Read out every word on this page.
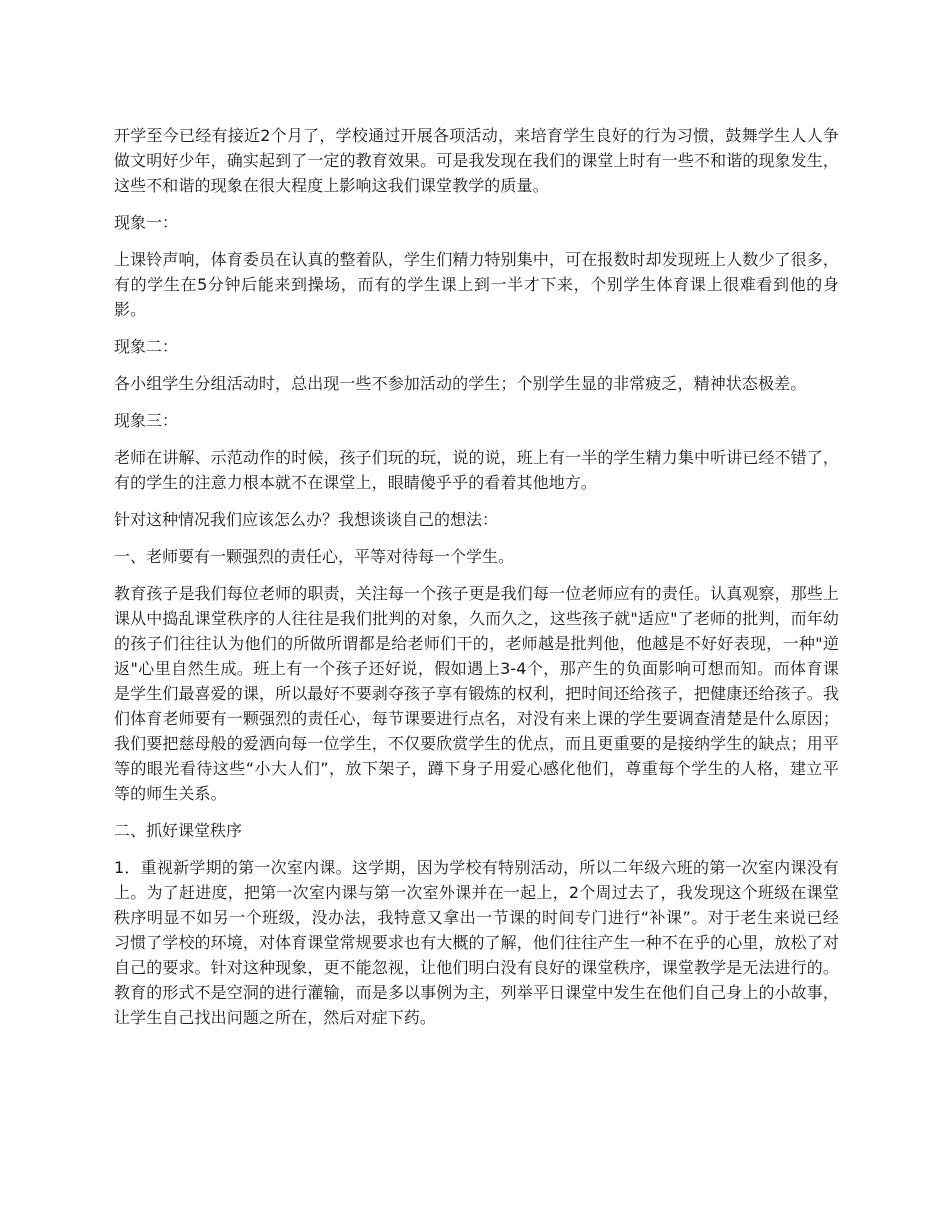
开学至今已经有接近2个月了，学校通过开展各项活动，来培育学生良好的行为习惯，鼓舞学生人人争做文明好少年，确实起到了一定的教育效果。可是我发现在我们的课堂上时有一些不和谐的现象发生，这些不和谐的现象在很大程度上影响这我们课堂教学的质量。

现象一：

上课铃声响，体育委员在认真的整着队，学生们精力特别集中，可在报数时却发现班上人数少了很多，有的学生在5分钟后能来到操场，而有的学生课上到一半才下来，个别学生体育课上很难看到他的身影。

现象二：

各小组学生分组活动时，总出现一些不参加活动的学生；个别学生显的非常疲乏，精神状态极差。

现象三：

老师在讲解、示范动作的时候，孩子们玩的玩，说的说，班上有一半的学生精力集中听讲已经不错了，有的学生的注意力根本就不在课堂上，眼睛傻乎乎的看着其他地方。

针对这种情况我们应该怎么办？我想谈谈自己的想法：

一、老师要有一颗强烈的责任心，平等对待每一个学生。

教育孩子是我们每位老师的职责，关注每一个孩子更是我们每一位老师应有的责任。认真观察，那些上课从中捣乱课堂秩序的人往往是我们批判的对象，久而久之，这些孩子就"适应"了老师的批判，而年幼的孩子们往往认为他们的所做所谓都是给老师们干的，老师越是批判他，他越是不好好表现，一种"逆返"心里自然生成。班上有一个孩子还好说，假如遇上3-4个，那产生的负面影响可想而知。而体育课是学生们最喜爱的课，所以最好不要剥夺孩子享有锻炼的权利，把时间还给孩子，把健康还给孩子。我们体育老师要有一颗强烈的责任心，每节课要进行点名，对没有来上课的学生要调查清楚是什么原因；我们要把慈母般的爱洒向每一位学生，不仅要欣赏学生的优点，而且更重要的是接纳学生的缺点；用平等的眼光看待这些“小大人们”，放下架子，蹲下身子用爱心感化他们，尊重每个学生的人格，建立平等的师生关系。

二、抓好课堂秩序

1．重视新学期的第一次室内课。这学期，因为学校有特别活动，所以二年级六班的第一次室内课没有上。为了赶进度，把第一次室内课与第一次室外课并在一起上，2个周过去了，我发现这个班级在课堂秩序明显不如另一个班级，没办法，我特意又拿出一节课的时间专门进行“补课”。对于老生来说已经习惯了学校的环境，对体育课堂常规要求也有大概的了解，他们往往产生一种不在乎的心里，放松了对自己的要求。针对这种现象，更不能忽视，让他们明白没有良好的课堂秩序，课堂教学是无法进行的。教育的形式不是空洞的进行灌输，而是多以事例为主，列举平日课堂中发生在他们自己身上的小故事，让学生自己找出问题之所在，然后对症下药。
